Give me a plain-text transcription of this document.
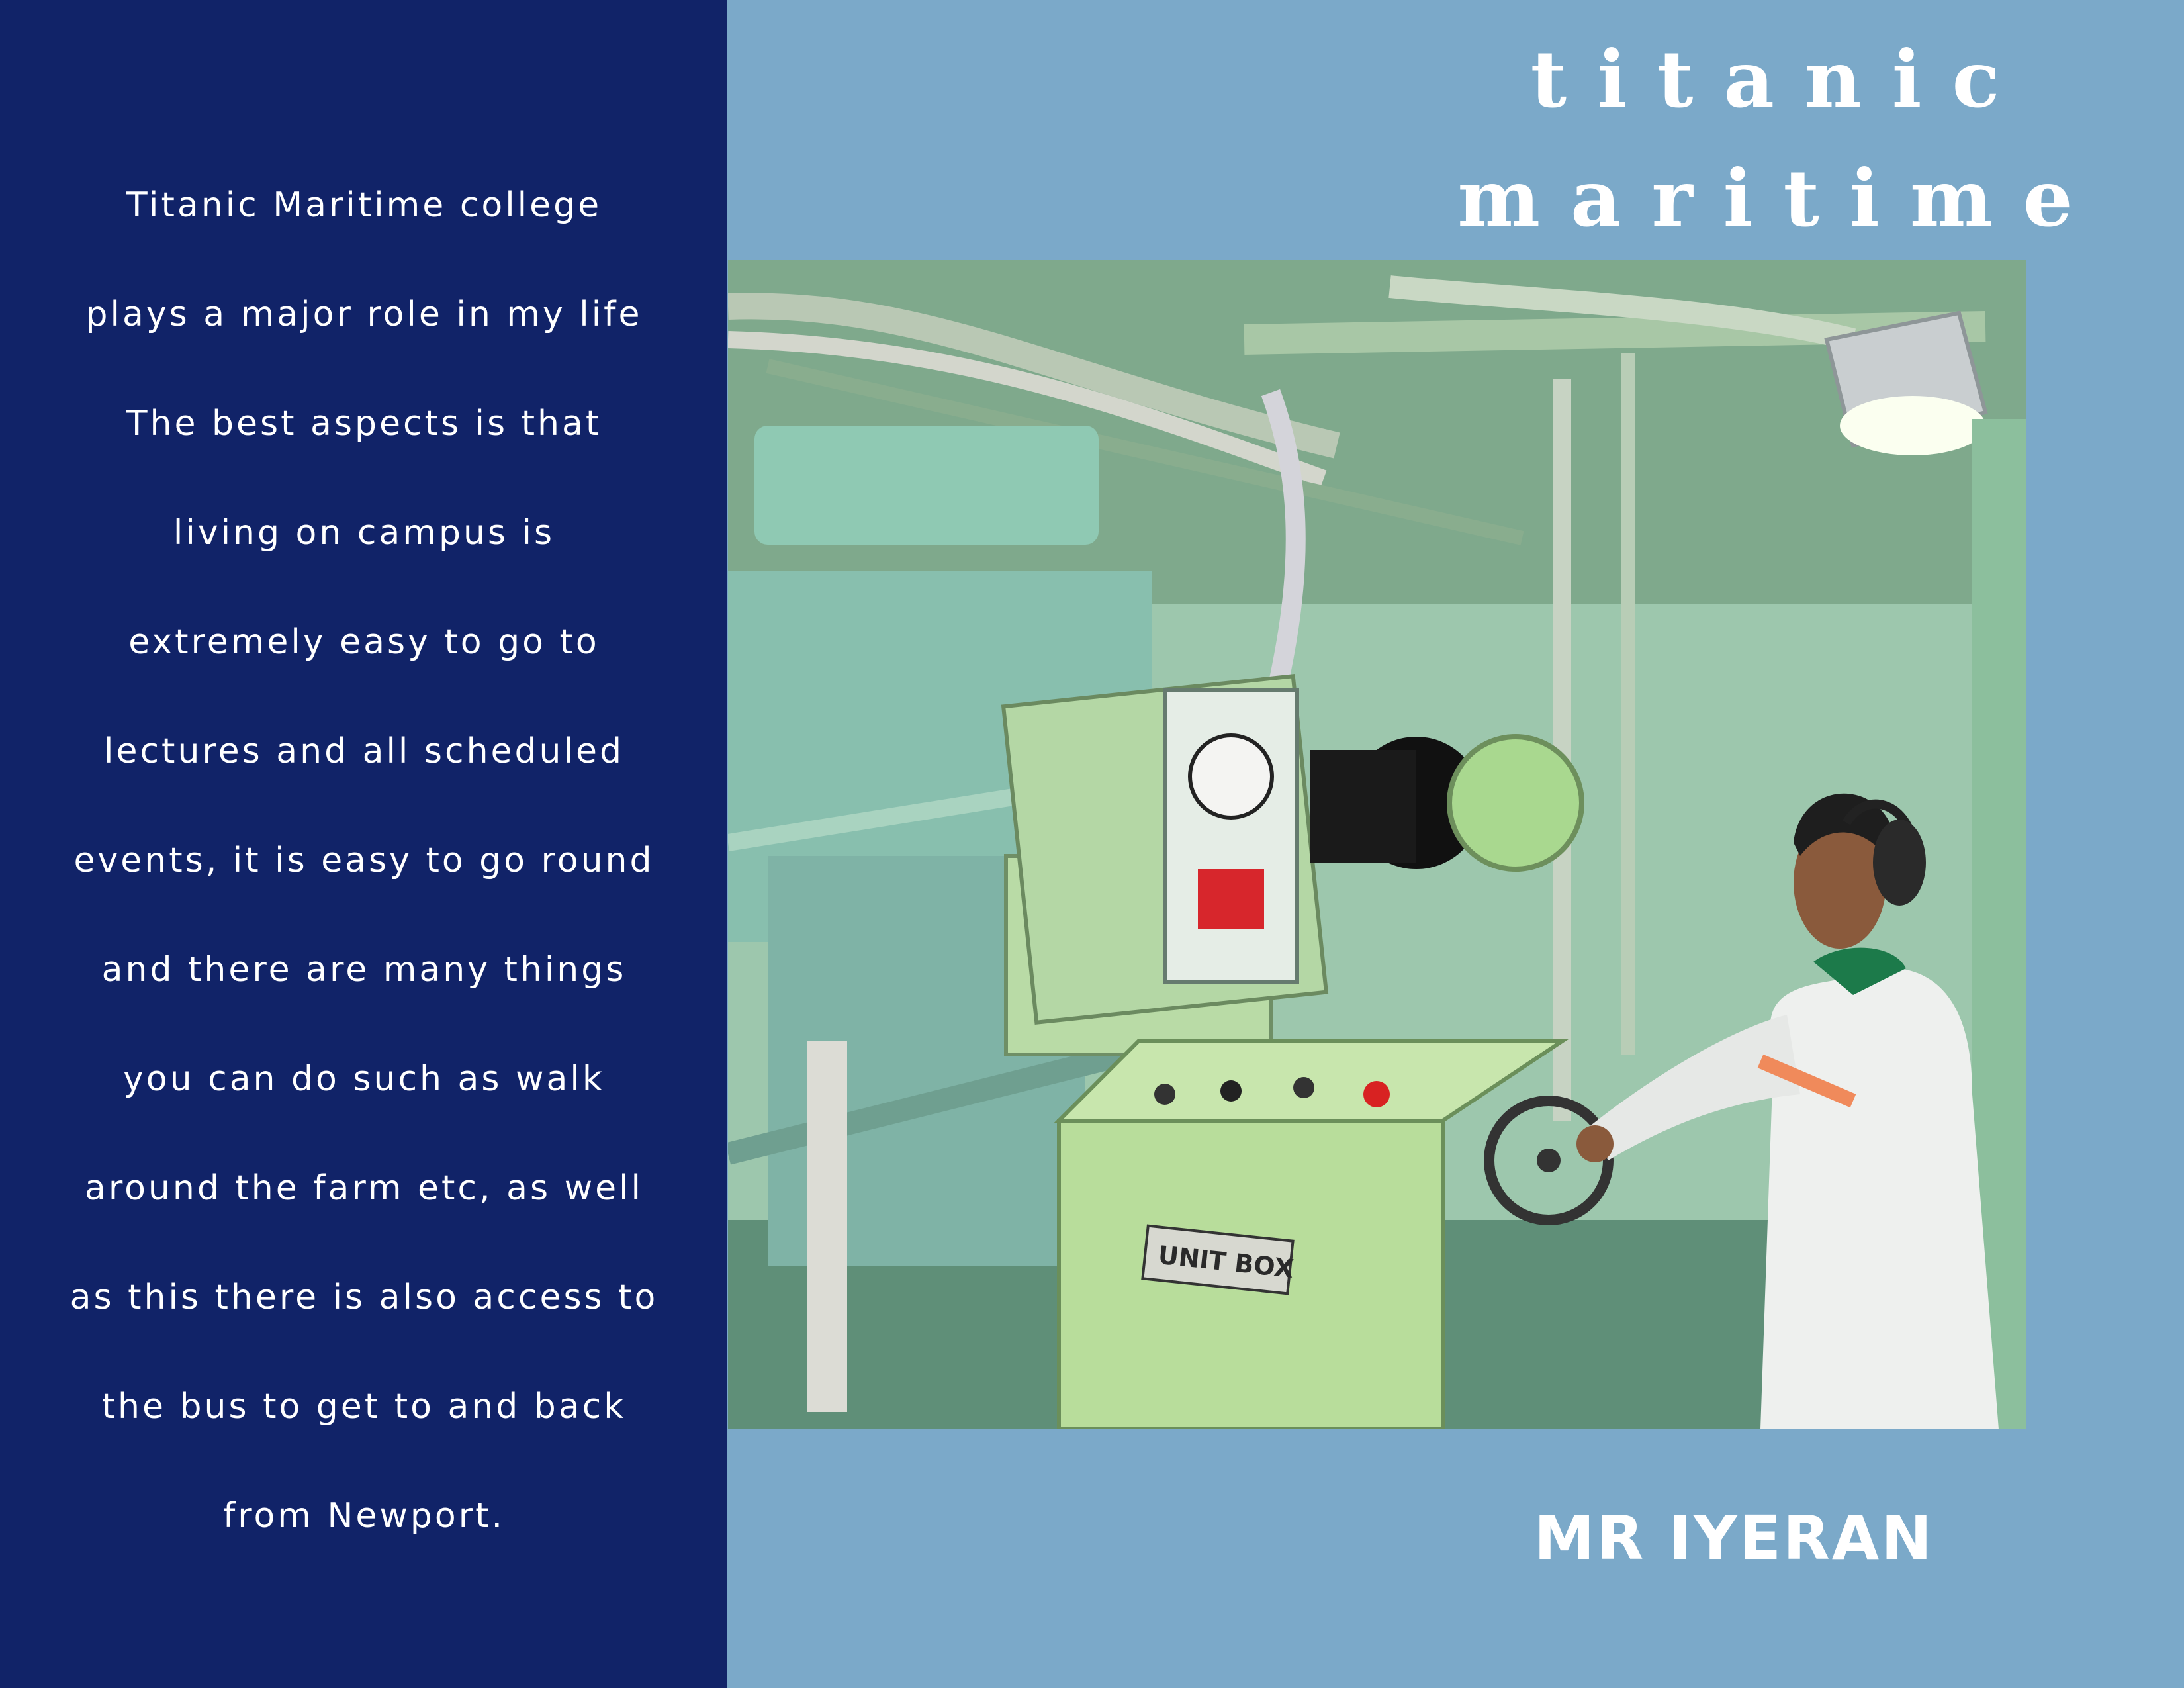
Titanic Maritime college
plays a major role in my life
The best aspects is that
living on campus is
extremely easy to go to
lectures and all scheduled
events, it is easy to go round
and there are many things
you can do such as walk
around the farm etc, as well
as this there is also access to
the bus to get to and back
from Newport.
titanic
maritime
UNIT BOX
MR IYERAN
